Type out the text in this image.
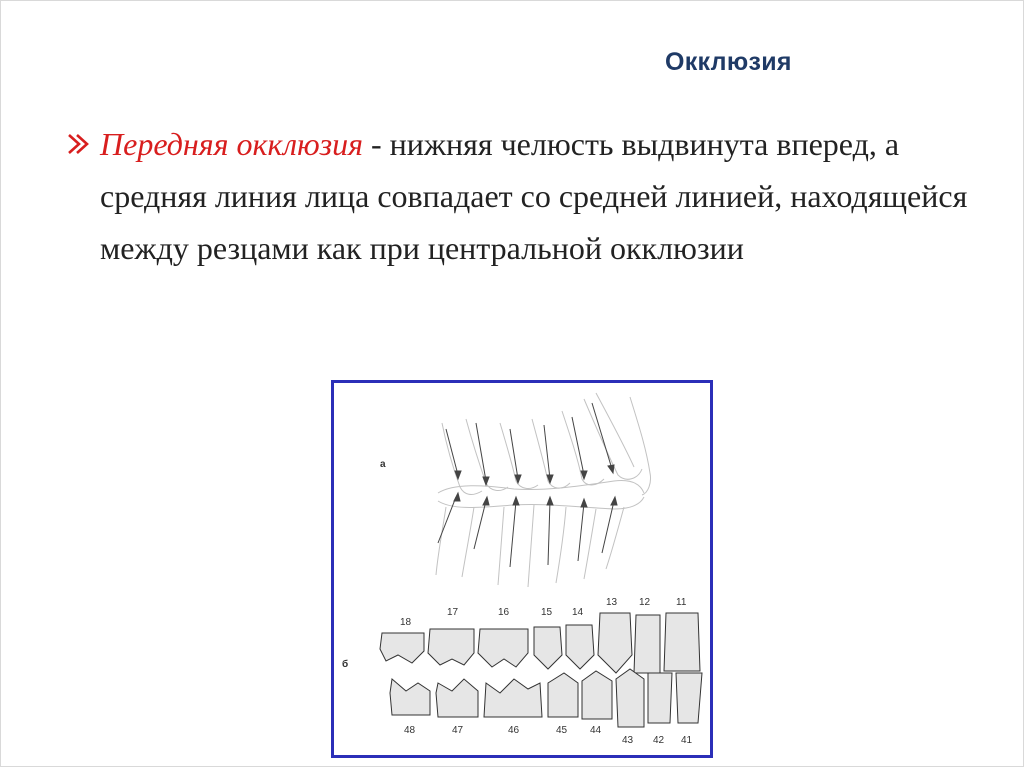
Окклюзия
Передняя окклюзия - нижняя челюсть выдвинута вперед, а средняя линия лица совпадает со средней линией, находящейся между резцами как при центральной окклюзии
а
б
18
17	16	15 14
13 12	11
48	47	46	45 44
43 42 41
